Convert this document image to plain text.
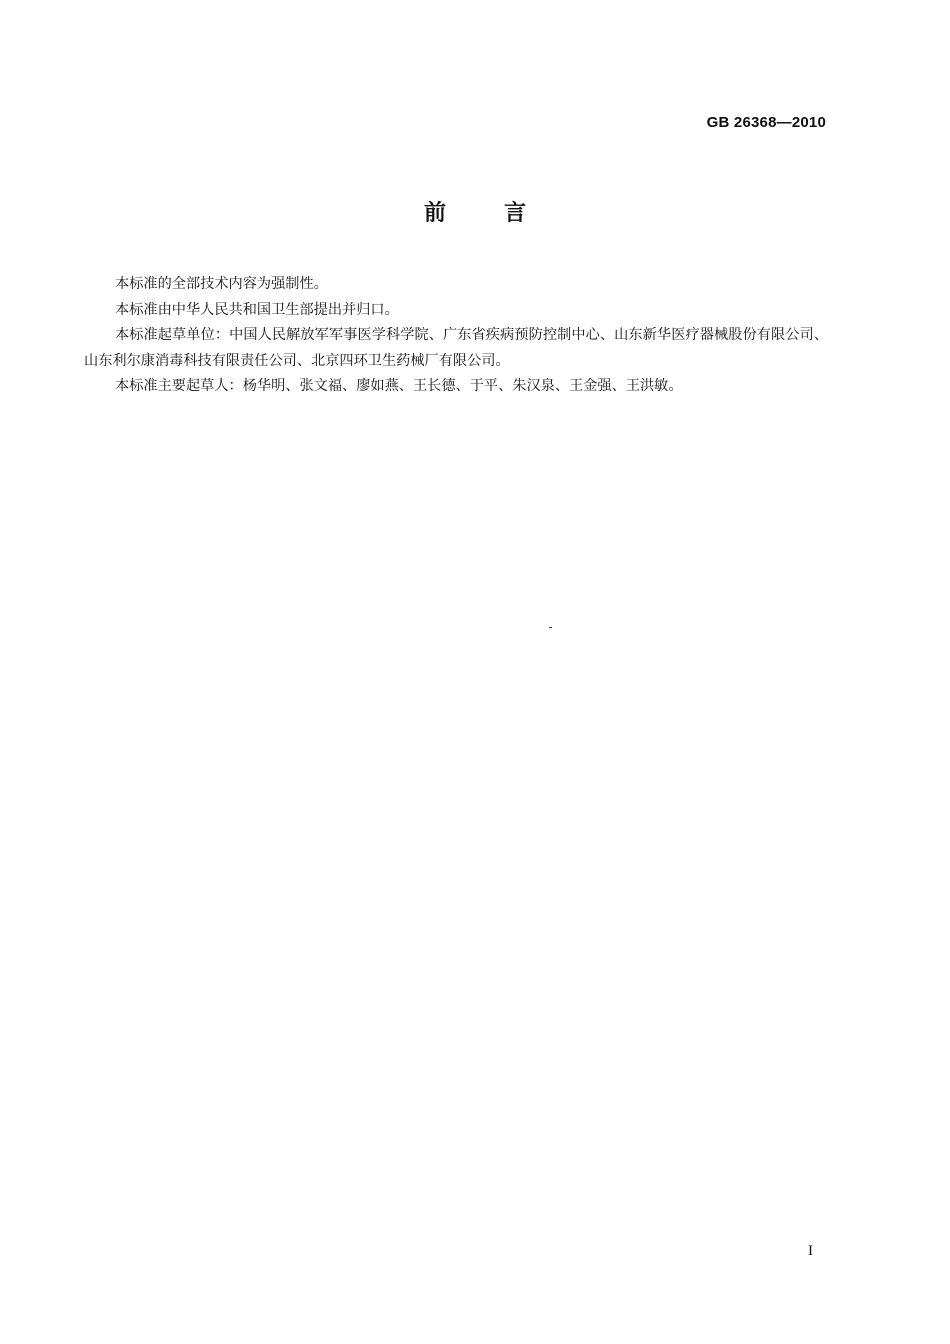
GB 26368—2010
前言

本标准的全部技术内容为强制性。

本标准由中华人民共和国卫生部提出并归口。

本标准起草单位：中国人民解放军军事医学科学院、广东省疾病预防控制中心、山东新华医疗器械股份有限公司、山东利尔康消毒科技有限责任公司、北京四环卫生药械厂有限公司。

本标准主要起草人：杨华明、张文福、廖如燕、王长德、于平、朱汉泉、王金强、王洪敏。

I
